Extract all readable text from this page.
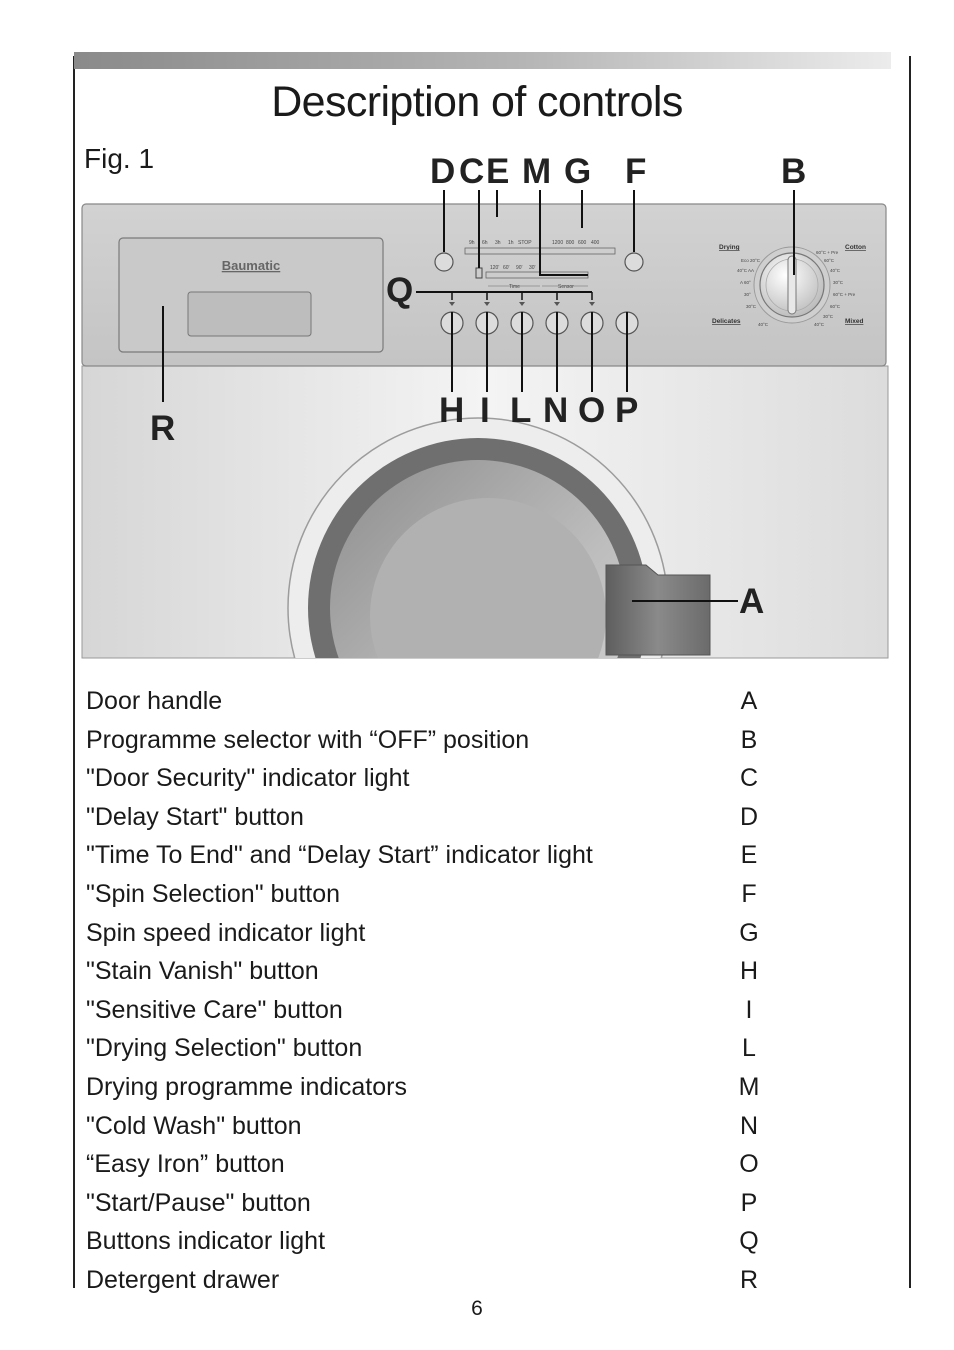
Description of controls
Fig. 1
Baumatic
9h 6h 3h 1h STOP	1200 800 600 400
120' 60' 90' 30'
Time	Sensor
Drying	Cotton
Delicates	Mixed
Eco 20°C
40°C AA
A 60°
30°
30°C
40°C
60°C + Pre
60°C
40°C
30°C
60°C + Pre
60°C
30°C
40°C
D C E M G F	B
Q
H I L N O P
R
A
Door handle	A
Programme selector with “OFF” position	B
"Door Security" indicator light	C
"Delay Start" button	D
"Time To End" and “Delay Start” indicator light	E
"Spin Selection" button	F
Spin speed indicator light	G
"Stain Vanish" button	H
"Sensitive Care" button	I
"Drying Selection" button	L
Drying programme indicators	M
"Cold Wash" button	N
“Easy Iron” button	O
"Start/Pause" button	P
Buttons indicator light	Q
Detergent drawer	R
6
